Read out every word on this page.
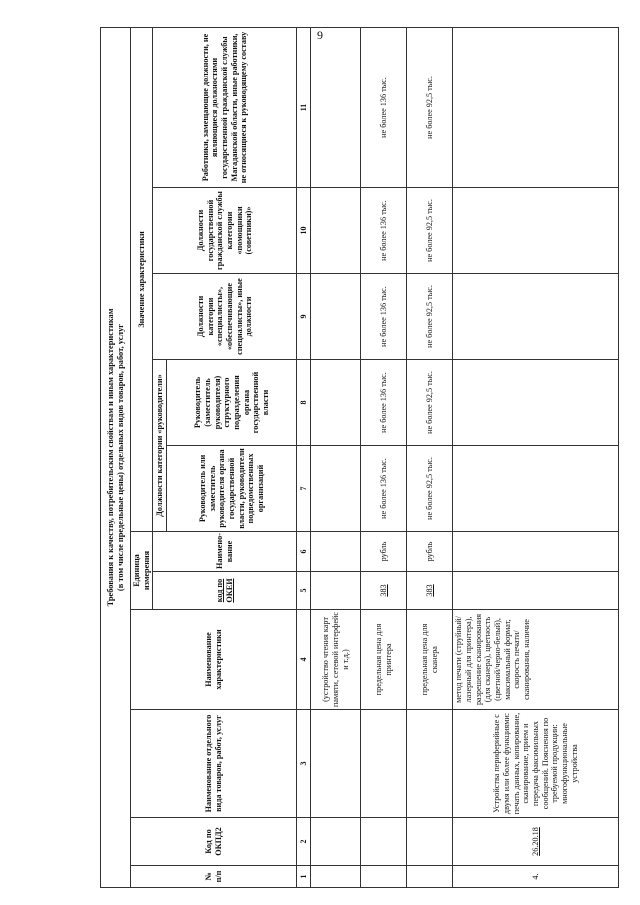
9
Требования к качеству, потребительским свойствам и иным характеристикам
(в том числе предельные цены) отдельных видов товаров, работ, услуг										
№ п/п	Код по ОКПД2	Наименование отдельного вида товаров, работ, услуг	Наименование характеристики	Единица измерения		Значение характеристики				
				код по ОКЕИ	Наимено-вание	Должности категории «руководители»		Должности категории «специалисты», «обеспечивающие специалисты», иные должности	Должности государственной гражданской службы категории «помощники (советники)»	Работники, замещающие должности, не являющиеся должностями государственной гражданской службы Магаданской области, иные работники, не относящиеся к руководящему составу
						Руководитель или заместитель руководителя органа государственной власти, руководители подведомственных организаций	Руководитель (заместитель руководителя) структурного подразделения органа государственной власти			
1	2	3	4	5	6	7	8	9	10	11
			(устройство чтения карт памяти, сетевой интерфейс и т.д.)							
			предельная цена для принтера	383	рубль	не более 136 тыс.	не более 136 тыс.	не более 136 тыс.	не более 136 тыс.	не более 136 тыс.
			предельная цена для сканера	383	рубль	не более 92,5 тыс.	не более 92,5 тыс.	не более 92,5 тыс.	не более 92,5 тыс.	не более 92,5 тыс.
4.	26.20.18	Устройства периферийные с двумя или более функциями: печать данных, копирование, сканирование, прием и передача факсимильных сообщений. Пояснения по требуемой продукции: многофункциональные устройства	метод печати (струйный/лазерный для принтера), разрешение сканирования (для сканера), цветность (цветной/черно-белый), максимальный формат, скорость печати/сканирования, наличие							
